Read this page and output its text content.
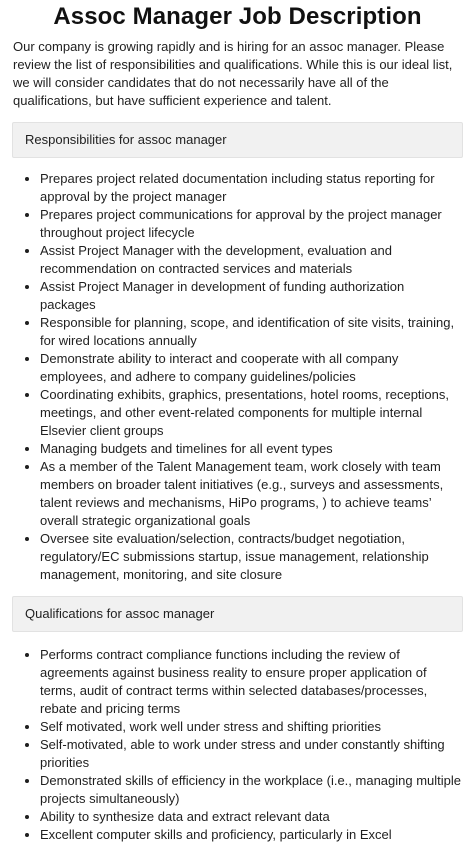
Assoc Manager Job Description

Our company is growing rapidly and is hiring for an assoc manager. Please review the list of responsibilities and qualifications. While this is our ideal list, we will consider candidates that do not necessarily have all of the qualifications, but have sufficient experience and talent.

Responsibilities for assoc manager
• Prepares project related documentation including status reporting for approval by the project manager
• Prepares project communications for approval by the project manager throughout project lifecycle
• Assist Project Manager with the development, evaluation and recommendation on contracted services and materials
• Assist Project Manager in development of funding authorization packages
• Responsible for planning, scope, and identification of site visits, training, for wired locations annually
• Demonstrate ability to interact and cooperate with all company employees, and adhere to company guidelines/policies
• Coordinating exhibits, graphics, presentations, hotel rooms, receptions, meetings, and other event-related components for multiple internal Elsevier client groups
• Managing budgets and timelines for all event types
• As a member of the Talent Management team, work closely with team members on broader talent initiatives (e.g., surveys and assessments, talent reviews and mechanisms, HiPo programs, ) to achieve teams’ overall strategic organizational goals
• Oversee site evaluation/selection, contracts/budget negotiation, regulatory/EC submissions startup, issue management, relationship management, monitoring, and site closure
Qualifications for assoc manager
• Performs contract compliance functions including the review of agreements against business reality to ensure proper application of terms, audit of contract terms within selected databases/processes, rebate and pricing terms
• Self motivated, work well under stress and shifting priorities
• Self-motivated, able to work under stress and under constantly shifting priorities
• Demonstrated skills of efficiency in the workplace (i.e., managing multiple projects simultaneously)
• Ability to synthesize data and extract relevant data
• Excellent computer skills and proficiency, particularly in Excel
